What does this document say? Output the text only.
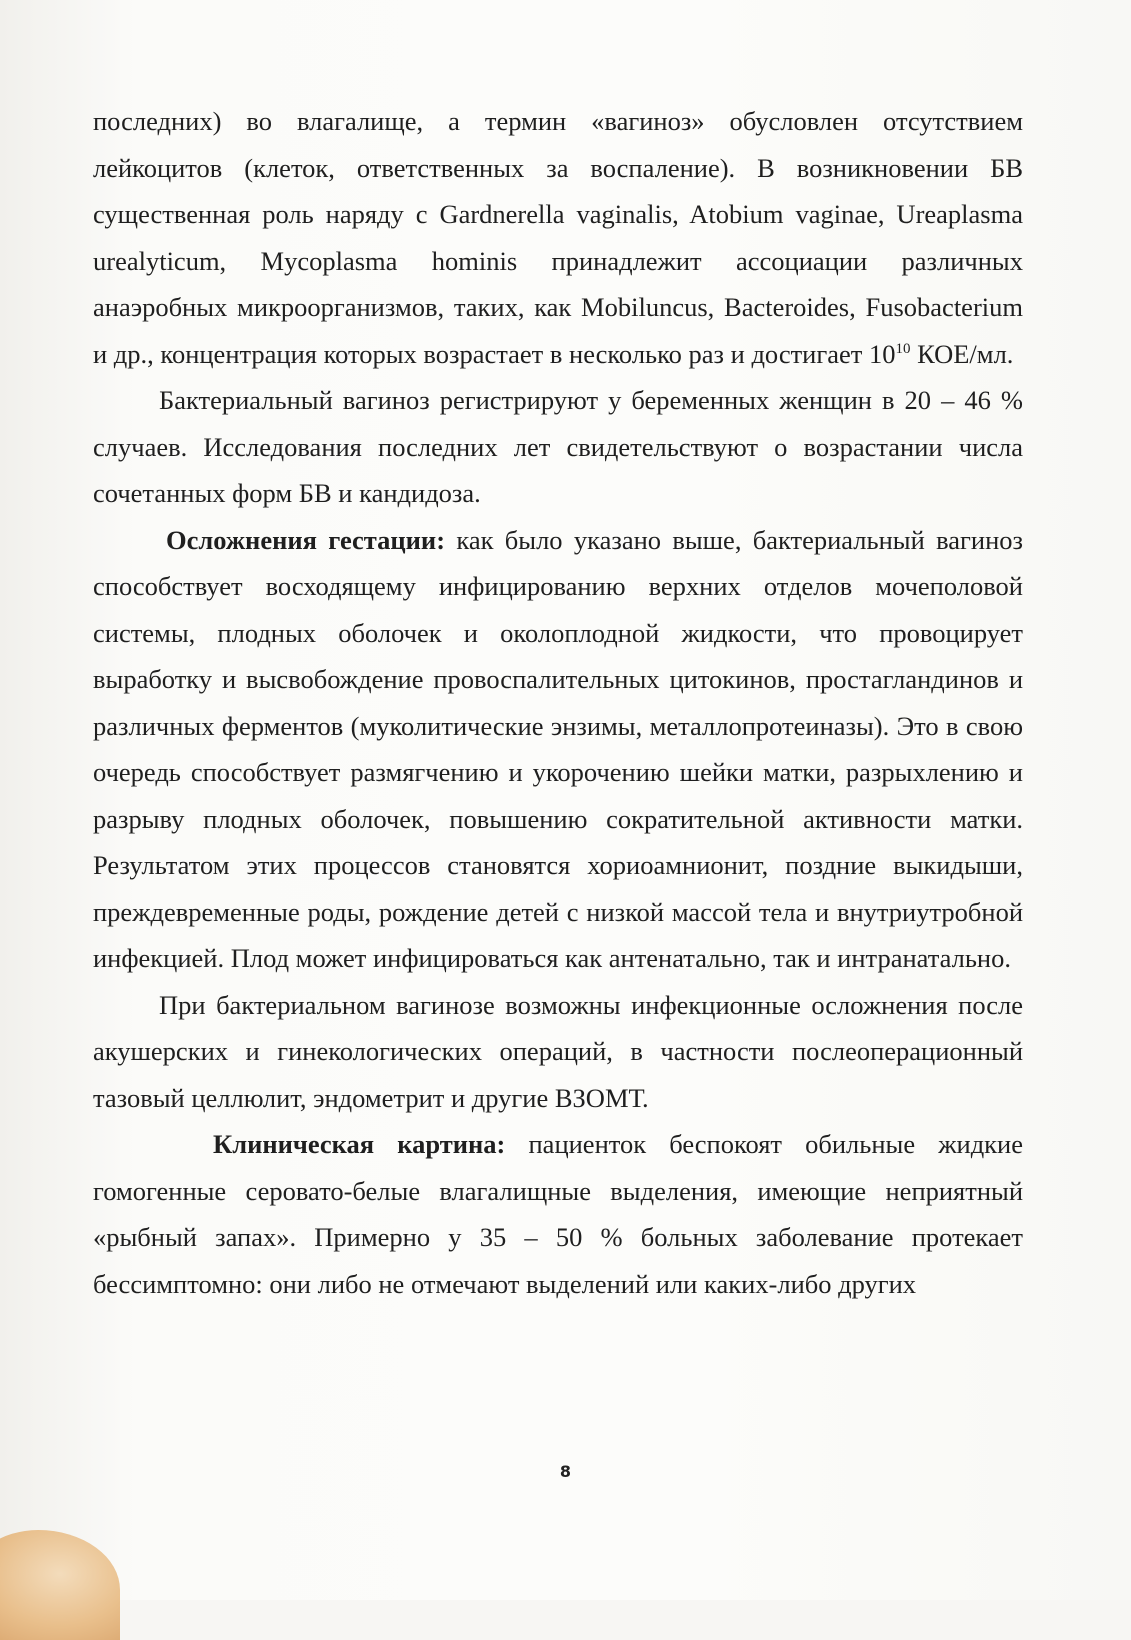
последних) во влагалище, а термин «вагиноз» обусловлен отсутствием лейкоцитов (клеток, ответственных за воспаление). В возникновении БВ существенная роль наряду с Gardnerella vaginalis, Atobium vaginae, Ureaplasma urealyticum, Mycoplasma hominis принадлежит ассоциации различных анаэробных микроорганизмов, таких, как Mobiluncus, Bacteroides, Fusobacterium и др., концентрация которых возрастает в несколько раз и достигает $10^{10}$ КОЕ/мл.

Бактериальный вагиноз регистрируют у беременных женщин в 20 – 46 % случаев. Исследования последних лет свидетельствуют о возрастании числа сочетанных форм БВ и кандидоза.

Осложнения гестации: как было указано выше, бактериальный вагиноз способствует восходящему инфицированию верхних отделов мочеполовой системы, плодных оболочек и околоплодной жидкости, что провоцирует выработку и высвобождение провоспалительных цитокинов, простагландинов и различных ферментов (муколитические энзимы, металлопротеиназы). Это в свою очередь способствует размягчению и укорочению шейки матки, разрыхлению и разрыву плодных оболочек, повышению сократительной активности матки. Результатом этих процессов становятся хориоамнионит, поздние выкидыши, преждевременные роды, рождение детей с низкой массой тела и внутриутробной инфекцией. Плод может инфицироваться как антенатально, так и интранатально.

При бактериальном вагинозе возможны инфекционные осложнения после акушерских и гинекологических операций, в частности послеоперационный тазовый целлюлит, эндометрит и другие ВЗОМТ.

Клиническая картина: пациенток беспокоят обильные жидкие гомогенные серовато-белые влагалищные выделения, имеющие неприятный «рыбный запах». Примерно у 35 – 50 % больных заболевание протекает бессимптомно: они либо не отмечают выделений или каких-либо других

8
